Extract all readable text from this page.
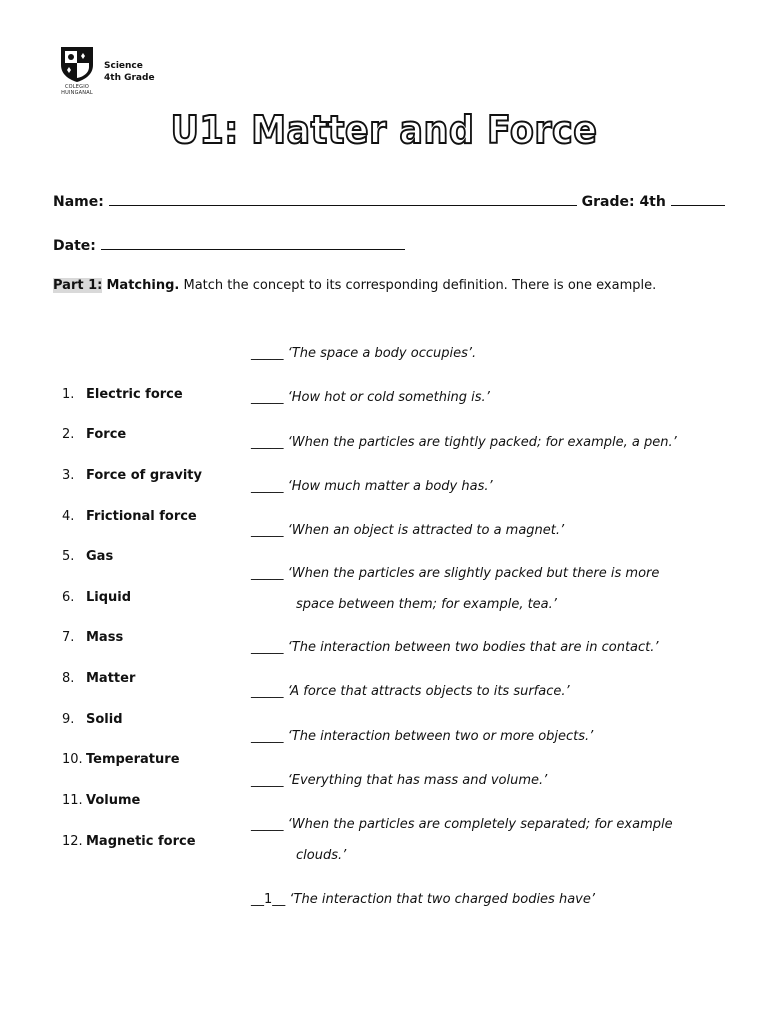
COLEGIO HUINGANAL
Science
4th Grade
U1: Matter and Force
Name:	Grade: 4th
Date:
Part 1: Matching. Match the concept to its corresponding definition. There is one example.
1. Electric force
2. Force
3. Force of gravity
4. Frictional force
5. Gas
6. Liquid
7. Mass
8. Matter
9. Solid
10. Temperature
11. Volume
12. Magnetic force
_____ ‘The space a body occupies’.
_____ ‘How hot or cold something is.’
_____ ‘When the particles are tightly packed; for example, a pen.’
_____ ‘How much matter a body has.’
_____ ‘When an object is attracted to a magnet.’
_____ ‘When the particles are slightly packed but there is more
space between them; for example, tea.’
_____ ‘The interaction between two bodies that are in contact.’
_____ ‘A force that attracts objects to its surface.’
_____ ‘The interaction between two or more objects.’
_____ ‘Everything that has mass and volume.’
_____ ‘When the particles are completely separated; for example
clouds.’
__1__ ‘The interaction that two charged bodies have’
